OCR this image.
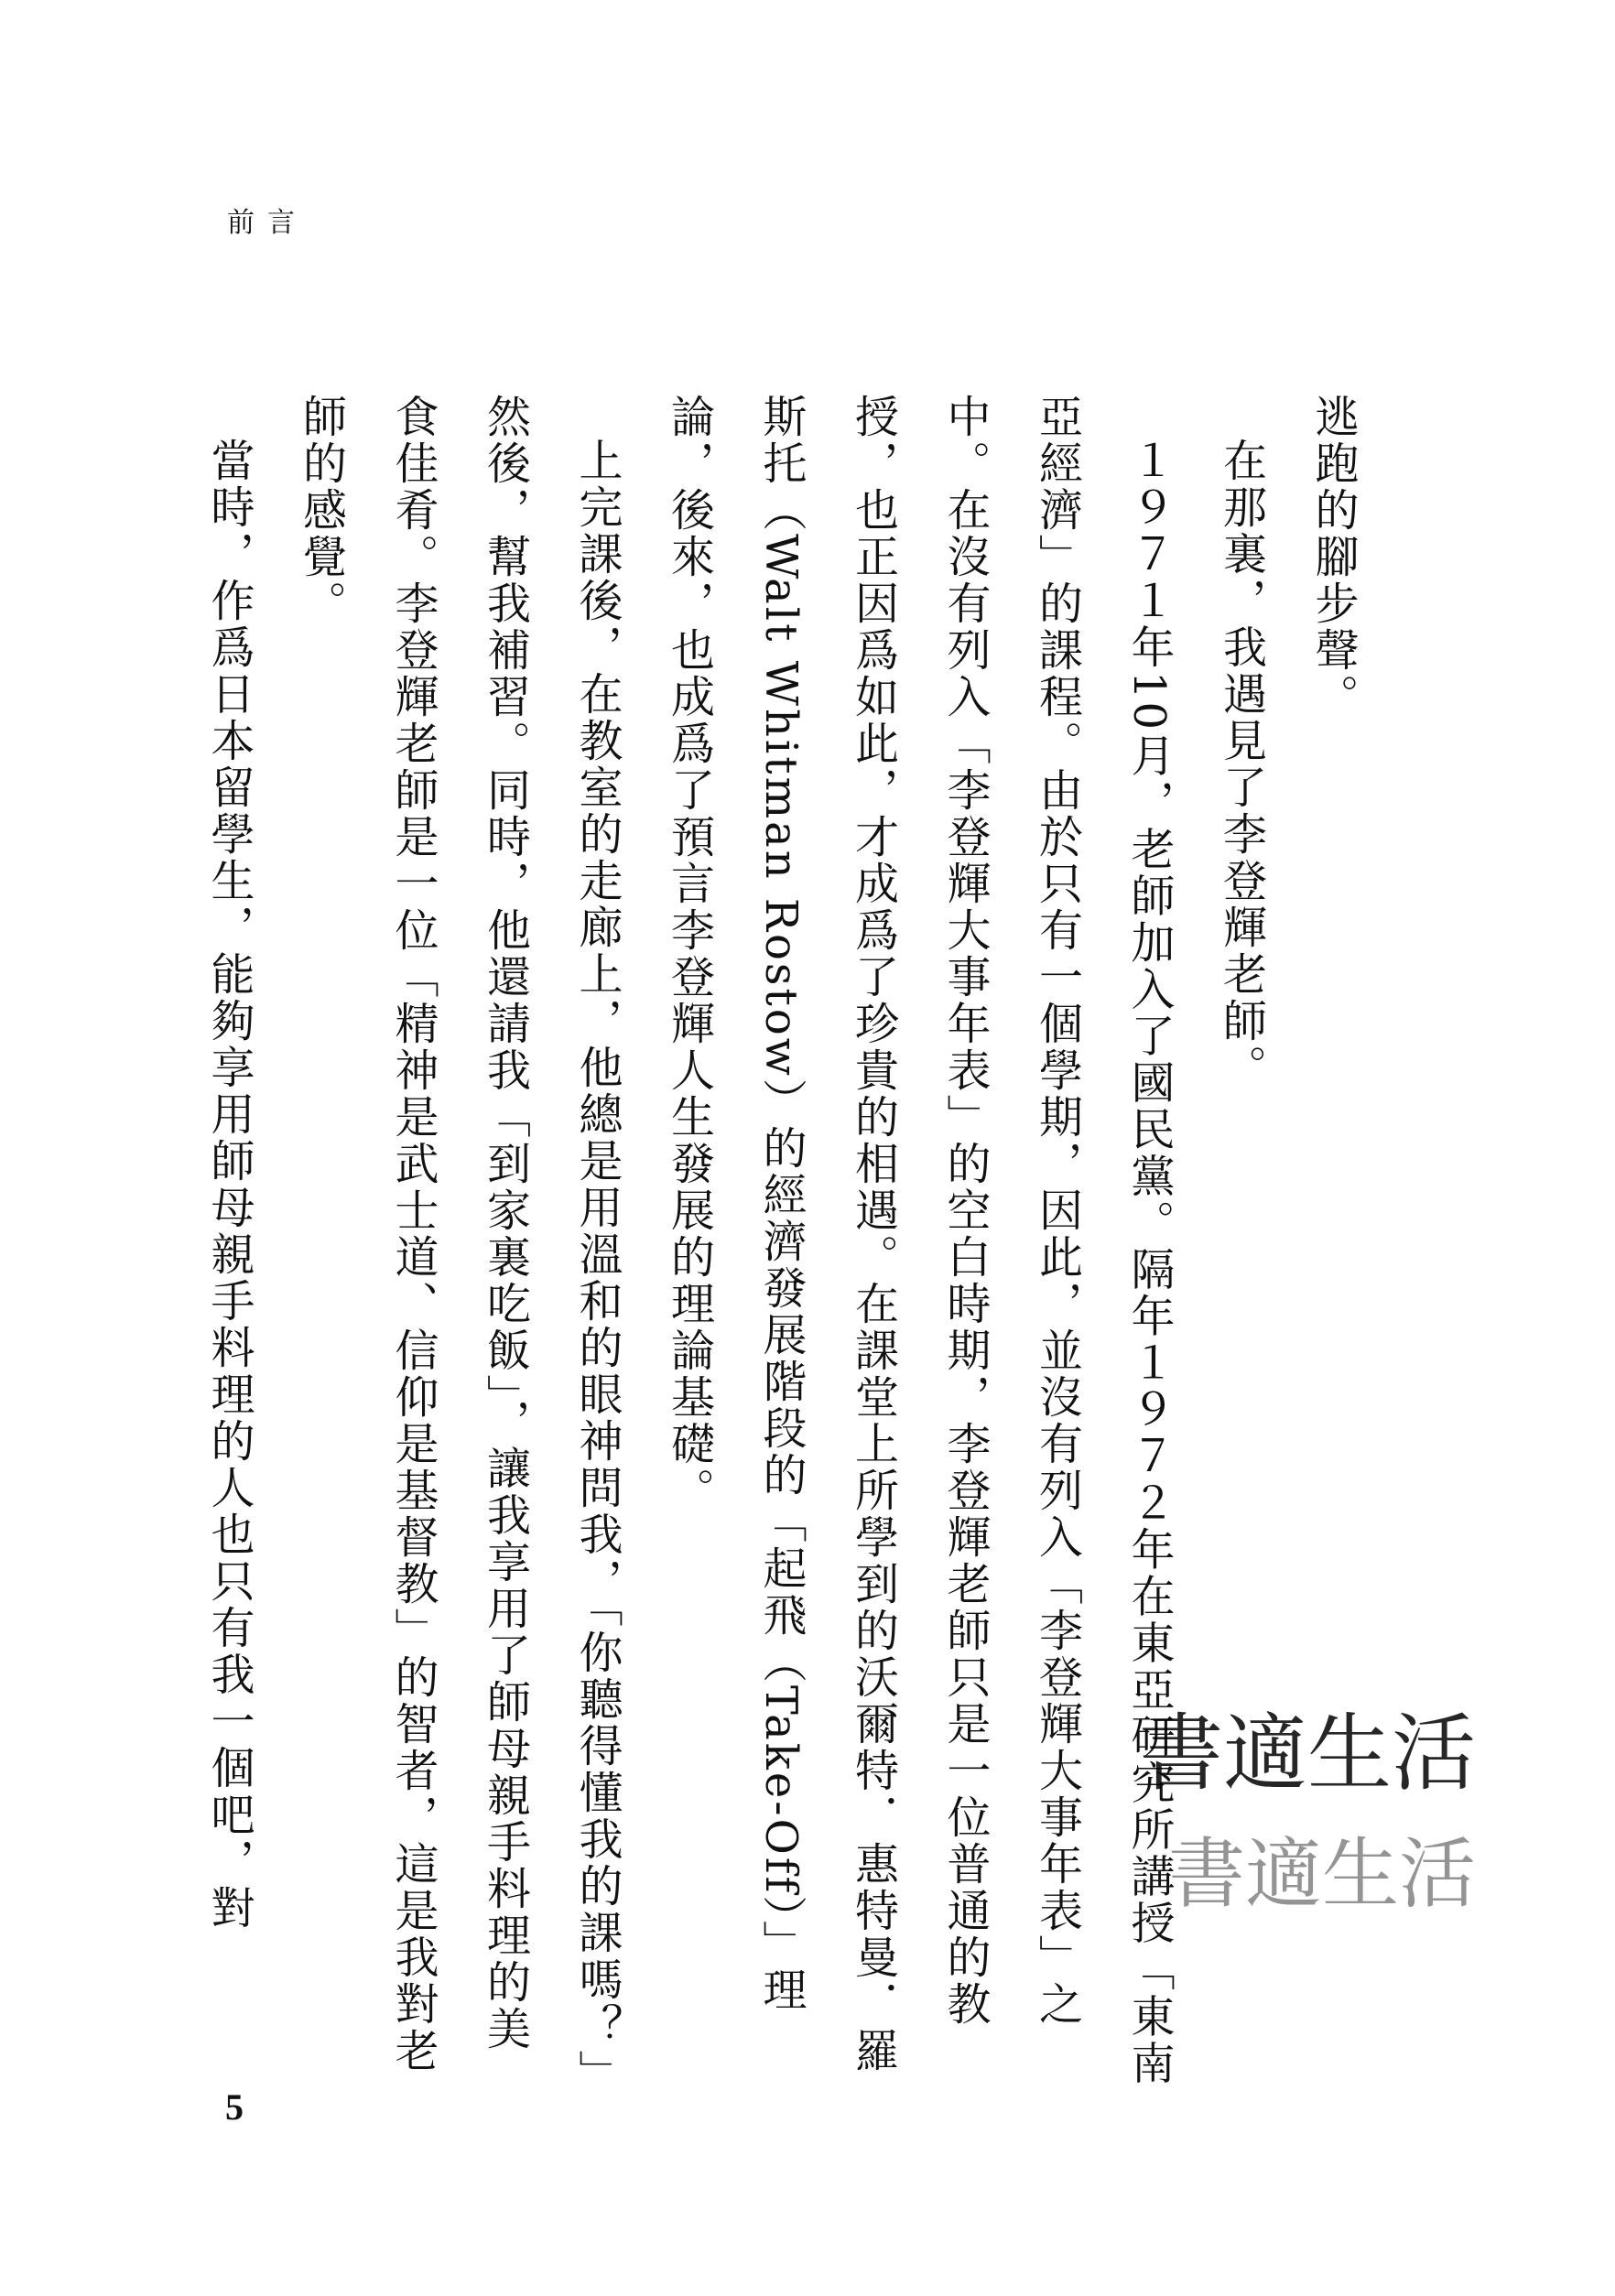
前言

逃跑的腳步聲。

在那裏，我遇見了李登輝老師。

１９７１年10月，老師加入了國民黨。隔年１９７２年在東亞研究所講授「東南亞經濟」的課程。由於只有一個學期，因此，並沒有列入「李登輝大事年表」之中。在沒有列入「李登輝大事年表」的空白時期，李登輝老師只是一位普通的教授，也正因爲如此，才成爲了珍貴的相遇。在課堂上所學到的沃爾特．惠特曼．羅斯托（Walt Whitman Rostow）的經濟發展階段的「起飛（Take-Off）」理論，後來，也成爲了預言李登輝人生發展的理論基礎。

上完課後，在教室的走廊上，他總是用溫和的眼神問我，「你聽得懂我的課嗎？」然後，幫我補習。同時，他還請我「到家裏吃飯」，讓我享用了師母親手料理的美食佳肴。李登輝老師是一位「精神是武士道、信仰是基督教」的智者，這是我對老師的感覺。

當時，作爲日本留學生，能夠享用師母親手料理的人也只有我一個吧，對	書適生活
書適生活
5
